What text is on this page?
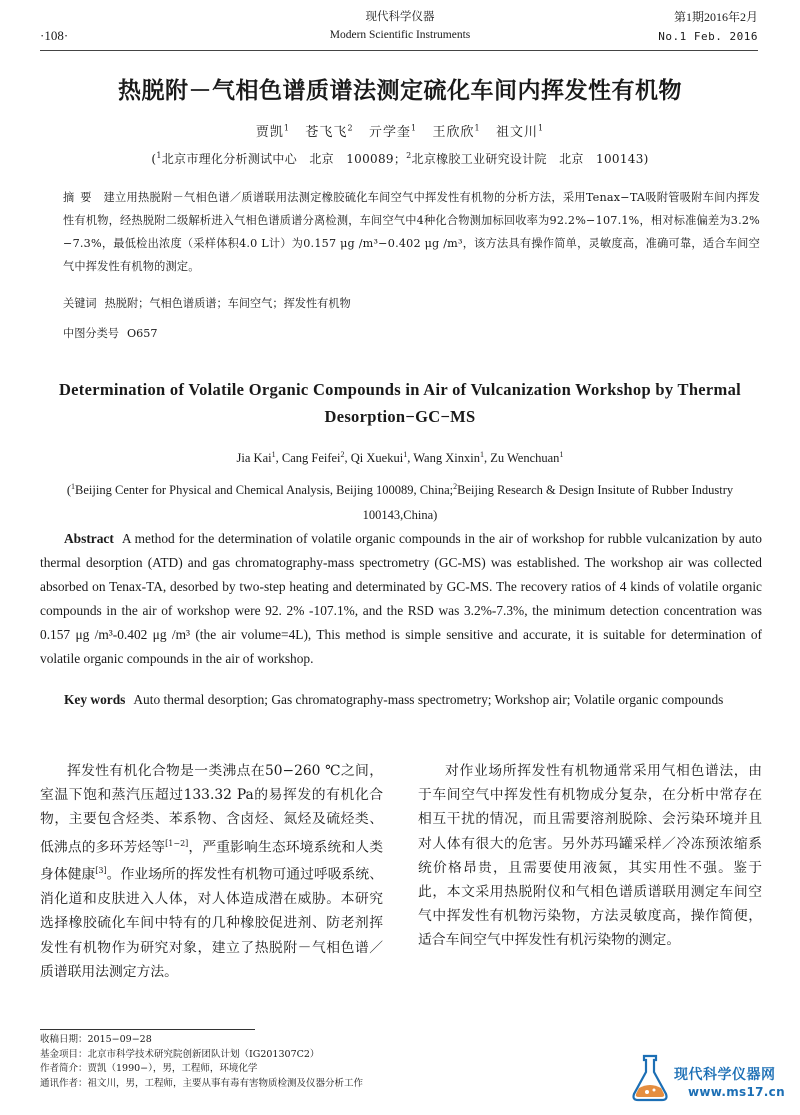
·108·
现代科学仪器
Modern Scientific Instruments
第1期2016年2月
No.1 Feb. 2016
热脱附－气相色谱质谱法测定硫化车间内挥发性有机物
贾凯$^1$ 苍飞飞$^2$ 亓学奎$^1$ 王欣欣$^1$ 祖文川$^1$
($^1$北京市理化分析测试中心　北京　100089；$^2$北京橡胶工业研究设计院　北京　100143)

摘要 建立用热脱附－气相色谱／质谱联用法测定橡胶硫化车间空气中挥发性有机物的分析方法，采用Tenax−TA吸附管吸附车间内挥发性有机物，经热脱附二级解析进入气相色谱质谱分离检测，车间空气中4种化合物测加标回收率为92.2%−107.1%，相对标准偏差为3.2%−7.3%，最低检出浓度（采样体积4.0 L计）为0.157 μg /m³−0.402 μg /m³，该方法具有操作简单，灵敏度高，准确可靠，适合车间空气中挥发性有机物的测定。

关键词 热脱附；气相色谱质谱；车间空气；挥发性有机物

中图分类号 O657

Determination of Volatile Organic Compounds in Air of Vulcanization Workshop by Thermal Desorption−GC−MS
Jia Kai$^1$, Cang Feifei$^2$, Qi Xuekui$^1$, Wang Xinxin$^1$, Zu Wenchuan$^1$
($^1$Beijing Center for Physical and Chemical Analysis, Beijing 100089, China;$^2$Beijing Research & Design Insitute of Rubber Industry 100143,China)

Abstract A method for the determination of volatile organic compounds in the air of workshop for rubble vulcanization by auto thermal desorption (ATD) and gas chromatography-mass spectrometry (GC-MS) was established. The workshop air was collected absorbed on Tenax-TA, desorbed by two-step heating and determinated by GC-MS. The recovery ratios of 4 kinds of volatile organic compounds in the air of workshop were 92. 2% -107.1%, and the RSD was 3.2%-7.3%, the minimum detection concentration was 0.157 μg /m³-0.402 μg /m³ (the air volume=4L), This method is simple sensitive and accurate, it is suitable for determination of volatile organic compounds in the air of workshop.

Key words Auto thermal desorption; Gas chromatography-mass spectrometry; Workshop air; Volatile organic compounds

挥发性有机化合物是一类沸点在50−260 ℃之间，室温下饱和蒸汽压超过133.32 Pa的易挥发的有机化合物，主要包含烃类、苯系物、含卤烃、氮烃及硫烃类、低沸点的多环芳烃等[1−2]，严重影响生态环境系统和人类身体健康[3]。作业场所的挥发性有机物可通过呼吸系统、消化道和皮肤进入人体，对人体造成潜在威胁。本研究选择橡胶硫化车间中特有的几种橡胶促进剂、防老剂挥发性有机物作为研究对象，建立了热脱附－气相色谱／质谱联用法测定方法。

对作业场所挥发性有机物通常采用气相色谱法，由于车间空气中挥发性有机物成分复杂，在分析中常存在相互干扰的情况，而且需要溶剂脱除、会污染环境并且对人体有很大的危害。另外苏玛罐采样／冷冻预浓缩系统价格昂贵，且需要使用液氮，其实用性不强。鉴于此，本文采用热脱附仪和气相色谱质谱联用测定车间空气中挥发性有机物污染物，方法灵敏度高，操作简便，适合车间空气中挥发性有机污染物的测定。

收稿日期：2015−09−28
基金项目：北京市科学技术研究院创新团队计划（IG201307C2）
作者简介：贾凯（1990−），男，工程师，环境化学
通讯作者：祖文川，男，工程师，主要从事有毒有害物质检测及仪器分析工作
现代科学仪器网
www.ms17.cn
